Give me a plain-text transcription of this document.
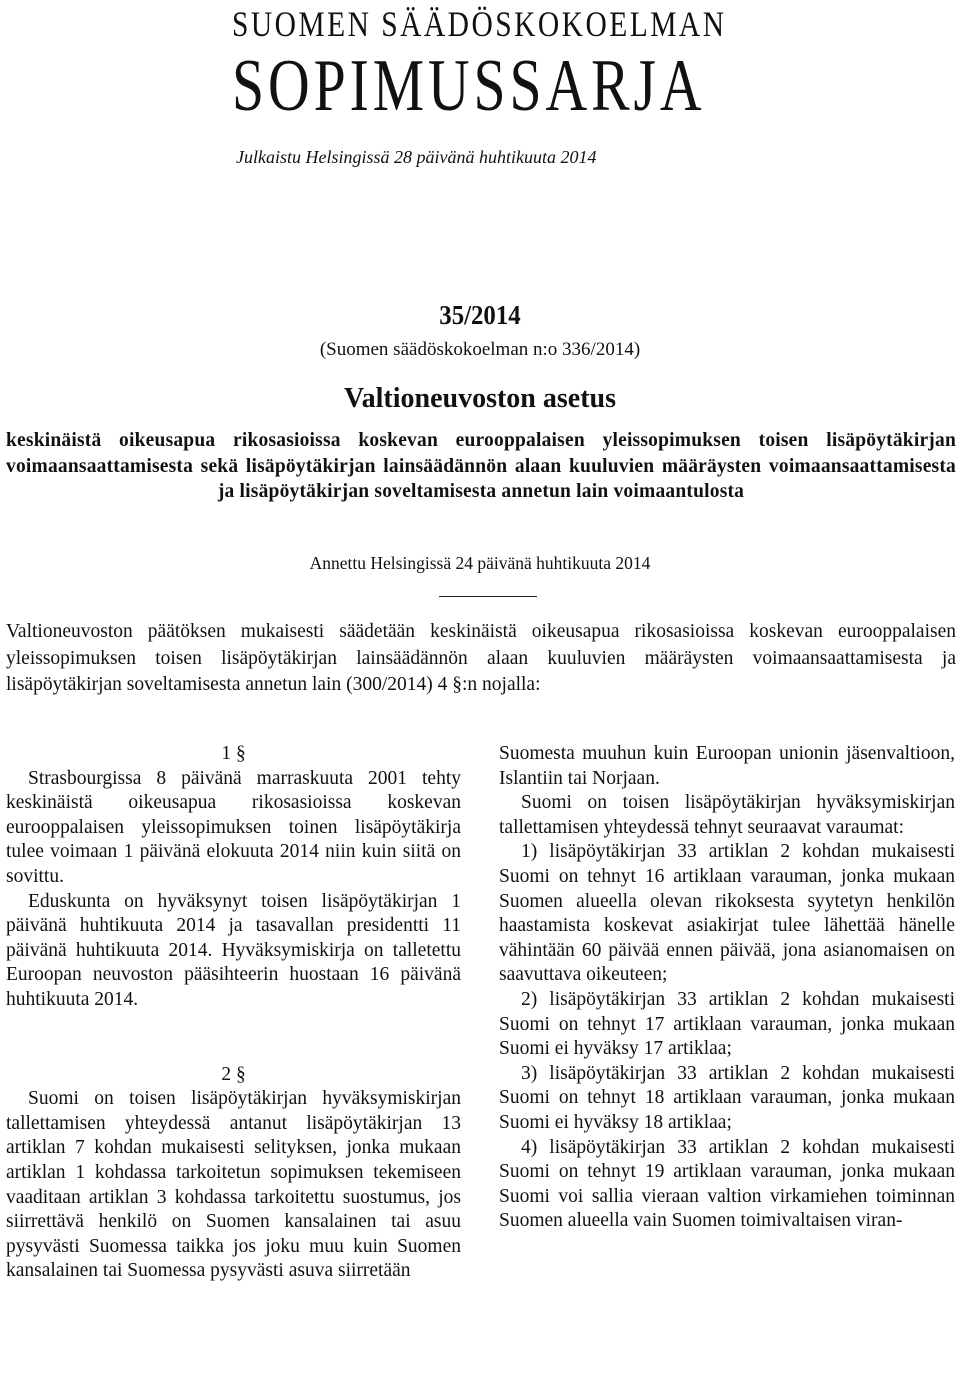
SUOMEN SÄÄDÖSKOKOELMAN
SOPIMUSSARJA
Julkaistu Helsingissä 28 päivänä huhtikuuta 2014
35/2014
(Suomen säädöskokoelman n:o 336/2014)
Valtioneuvoston asetus
keskinäistä oikeusapua rikosasioissa koskevan eurooppalaisen yleissopimuksen toisen lisäpöytäkirjan voimaansaattamisesta sekä lisäpöytäkirjan lainsäädännön alaan kuuluvien määräysten voimaansaattamisesta ja lisäpöytäkirjan soveltamisesta annetun lain voimaantulosta
Annettu Helsingissä 24 päivänä huhtikuuta 2014
Valtioneuvoston päätöksen mukaisesti säädetään keskinäistä oikeusapua rikosasioissa koskevan eurooppalaisen yleissopimuksen toisen lisäpöytäkirjan lainsäädännön alaan kuuluvien määräysten voimaansaattamisesta ja lisäpöytäkirjan soveltamisesta annetun lain (300/2014) 4 §:n nojalla:

1 §

Strasbourgissa 8 päivänä marraskuuta 2001 tehty keskinäistä oikeusapua rikosasioissa koskevan eurooppalaisen yleissopimuksen toinen lisäpöytäkirja tulee voimaan 1 päivänä elokuuta 2014 niin kuin siitä on sovittu.

Eduskunta on hyväksynyt toisen lisäpöytäkirjan 1 päivänä huhtikuuta 2014 ja tasavallan presidentti 11 päivänä huhtikuuta 2014. Hyväksymiskirja on talletettu Euroopan neuvoston pääsihteerin huostaan 16 päivänä huhtikuuta 2014.

2 §

Suomi on toisen lisäpöytäkirjan hyväksymiskirjan tallettamisen yhteydessä antanut lisäpöytäkirjan 13 artiklan 7 kohdan mukaisesti selityksen, jonka mukaan artiklan 1 kohdassa tarkoitetun sopimuksen tekemiseen vaaditaan artiklan 3 kohdassa tarkoitettu suostumus, jos siirrettävä henkilö on Suomen kansalainen tai asuu pysyvästi Suomessa taikka jos joku muu kuin Suomen kansalainen tai Suomessa pysyvästi asuva siirretään

Suomesta muuhun kuin Euroopan unionin jäsenvaltioon, Islantiin tai Norjaan.

Suomi on toisen lisäpöytäkirjan hyväksymiskirjan tallettamisen yhteydessä tehnyt seuraavat varaumat:

1) lisäpöytäkirjan 33 artiklan 2 kohdan mukaisesti Suomi on tehnyt 16 artiklaan varauman, jonka mukaan Suomen alueella olevan rikoksesta syytetyn henkilön haastamista koskevat asiakirjat tulee lähettää hänelle vähintään 60 päivää ennen päivää, jona asianomaisen on saavuttava oikeuteen;

2) lisäpöytäkirjan 33 artiklan 2 kohdan mukaisesti Suomi on tehnyt 17 artiklaan varauman, jonka mukaan Suomi ei hyväksy 17 artiklaa;

3) lisäpöytäkirjan 33 artiklan 2 kohdan mukaisesti Suomi on tehnyt 18 artiklaan varauman, jonka mukaan Suomi ei hyväksy 18 artiklaa;

4) lisäpöytäkirjan 33 artiklan 2 kohdan mukaisesti Suomi on tehnyt 19 artiklaan varauman, jonka mukaan Suomi voi sallia vieraan valtion virkamiehen toiminnan Suomen alueella vain Suomen toimivaltaisen viran-
